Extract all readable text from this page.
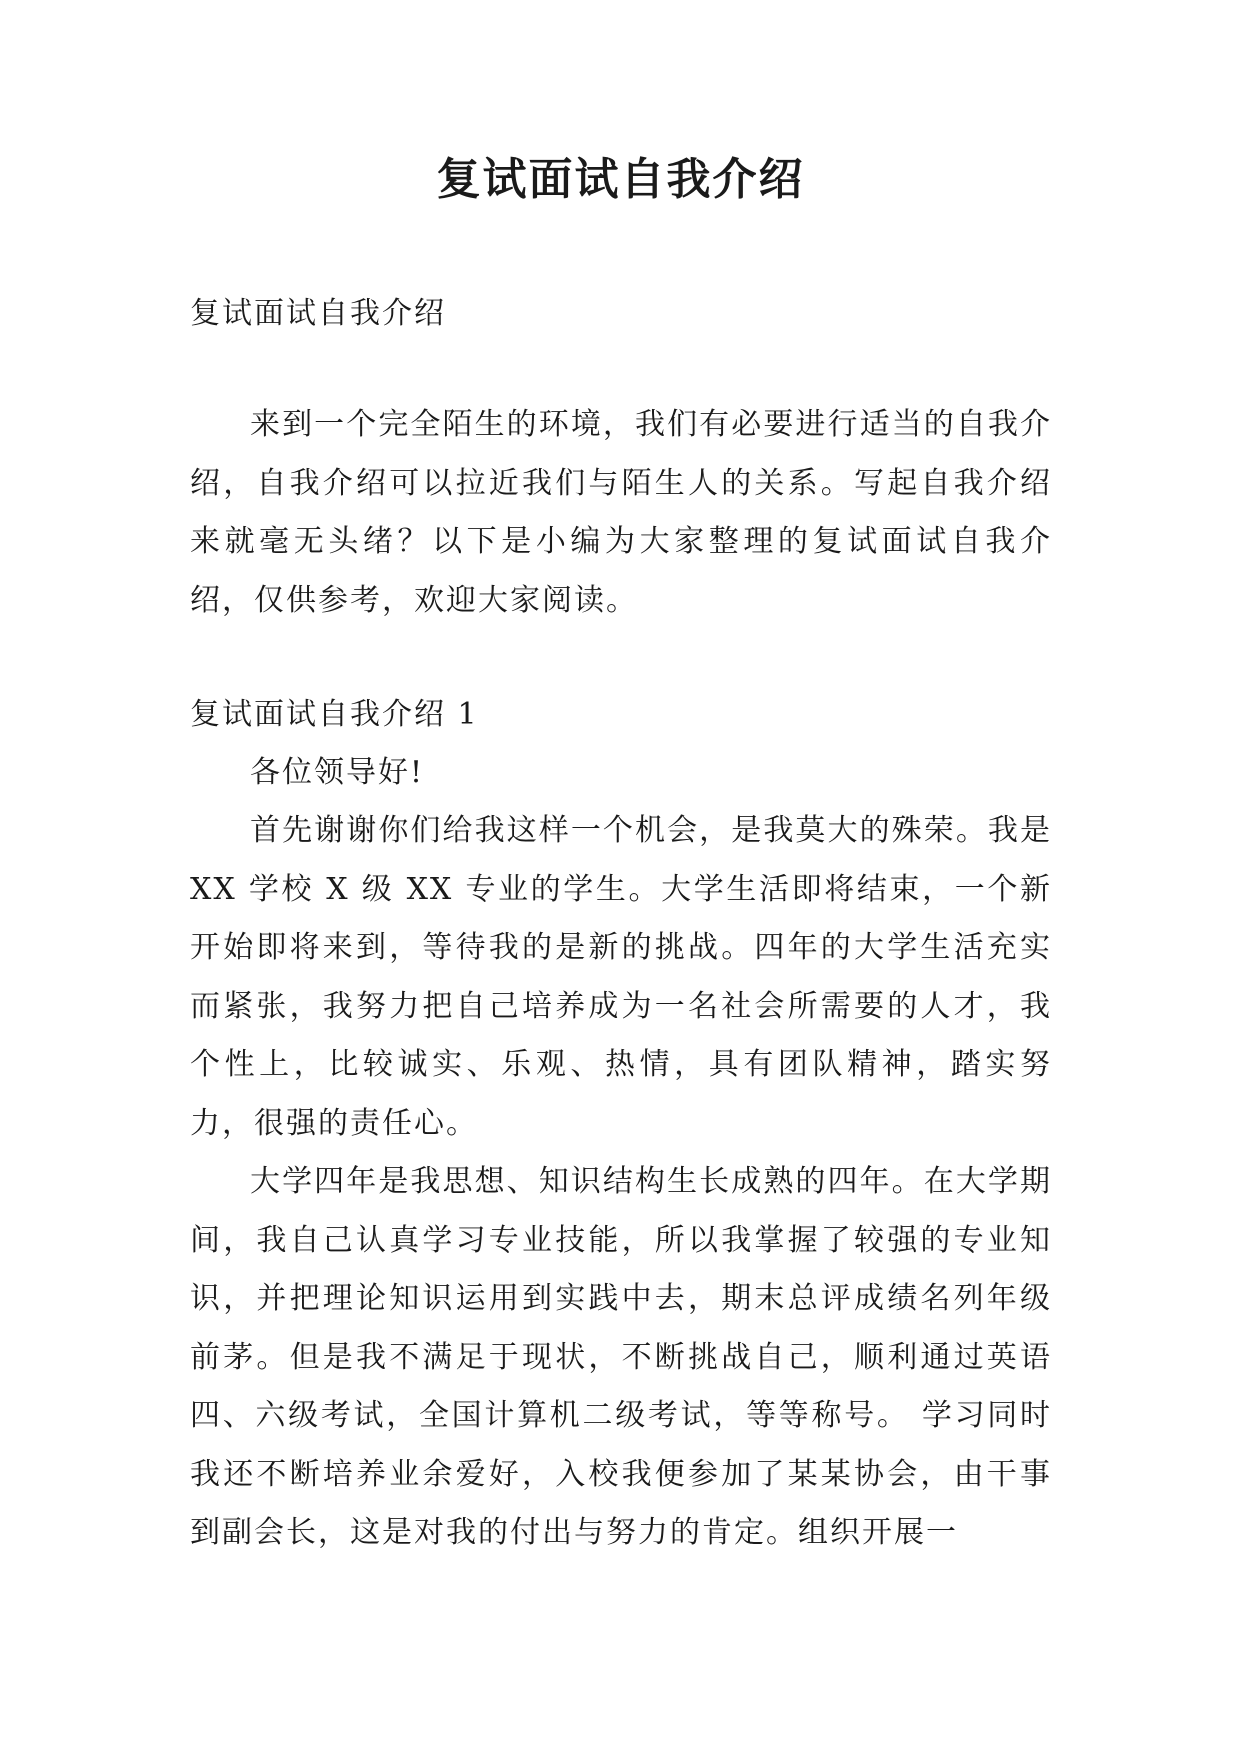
复试面试自我介绍

复试面试自我介绍

来到一个完全陌生的环境，我们有必要进行适当的自我介绍，自我介绍可以拉近我们与陌生人的关系。写起自我介绍来就毫无头绪？以下是小编为大家整理的复试面试自我介绍，仅供参考，欢迎大家阅读。

复试面试自我介绍 1

各位领导好!

首先谢谢你们给我这样一个机会，是我莫大的殊荣。我是 XX 学校 X 级 XX 专业的学生。大学生活即将结束，一个新开始即将来到，等待我的是新的挑战。四年的大学生活充实而紧张，我努力把自己培养成为一名社会所需要的人才，我个性上，比较诚实、乐观、热情，具有团队精神，踏实努力，很强的责任心。

大学四年是我思想、知识结构生长成熟的四年。在大学期间，我自己认真学习专业技能，所以我掌握了较强的专业知识，并把理论知识运用到实践中去，期末总评成绩名列年级前茅。但是我不满足于现状，不断挑战自己，顺利通过英语四、六级考试，全国计算机二级考试，等等称号。 学习同时我还不断培养业余爱好，入校我便参加了某某协会，由干事到副会长，这是对我的付出与努力的肯定。组织开展一
